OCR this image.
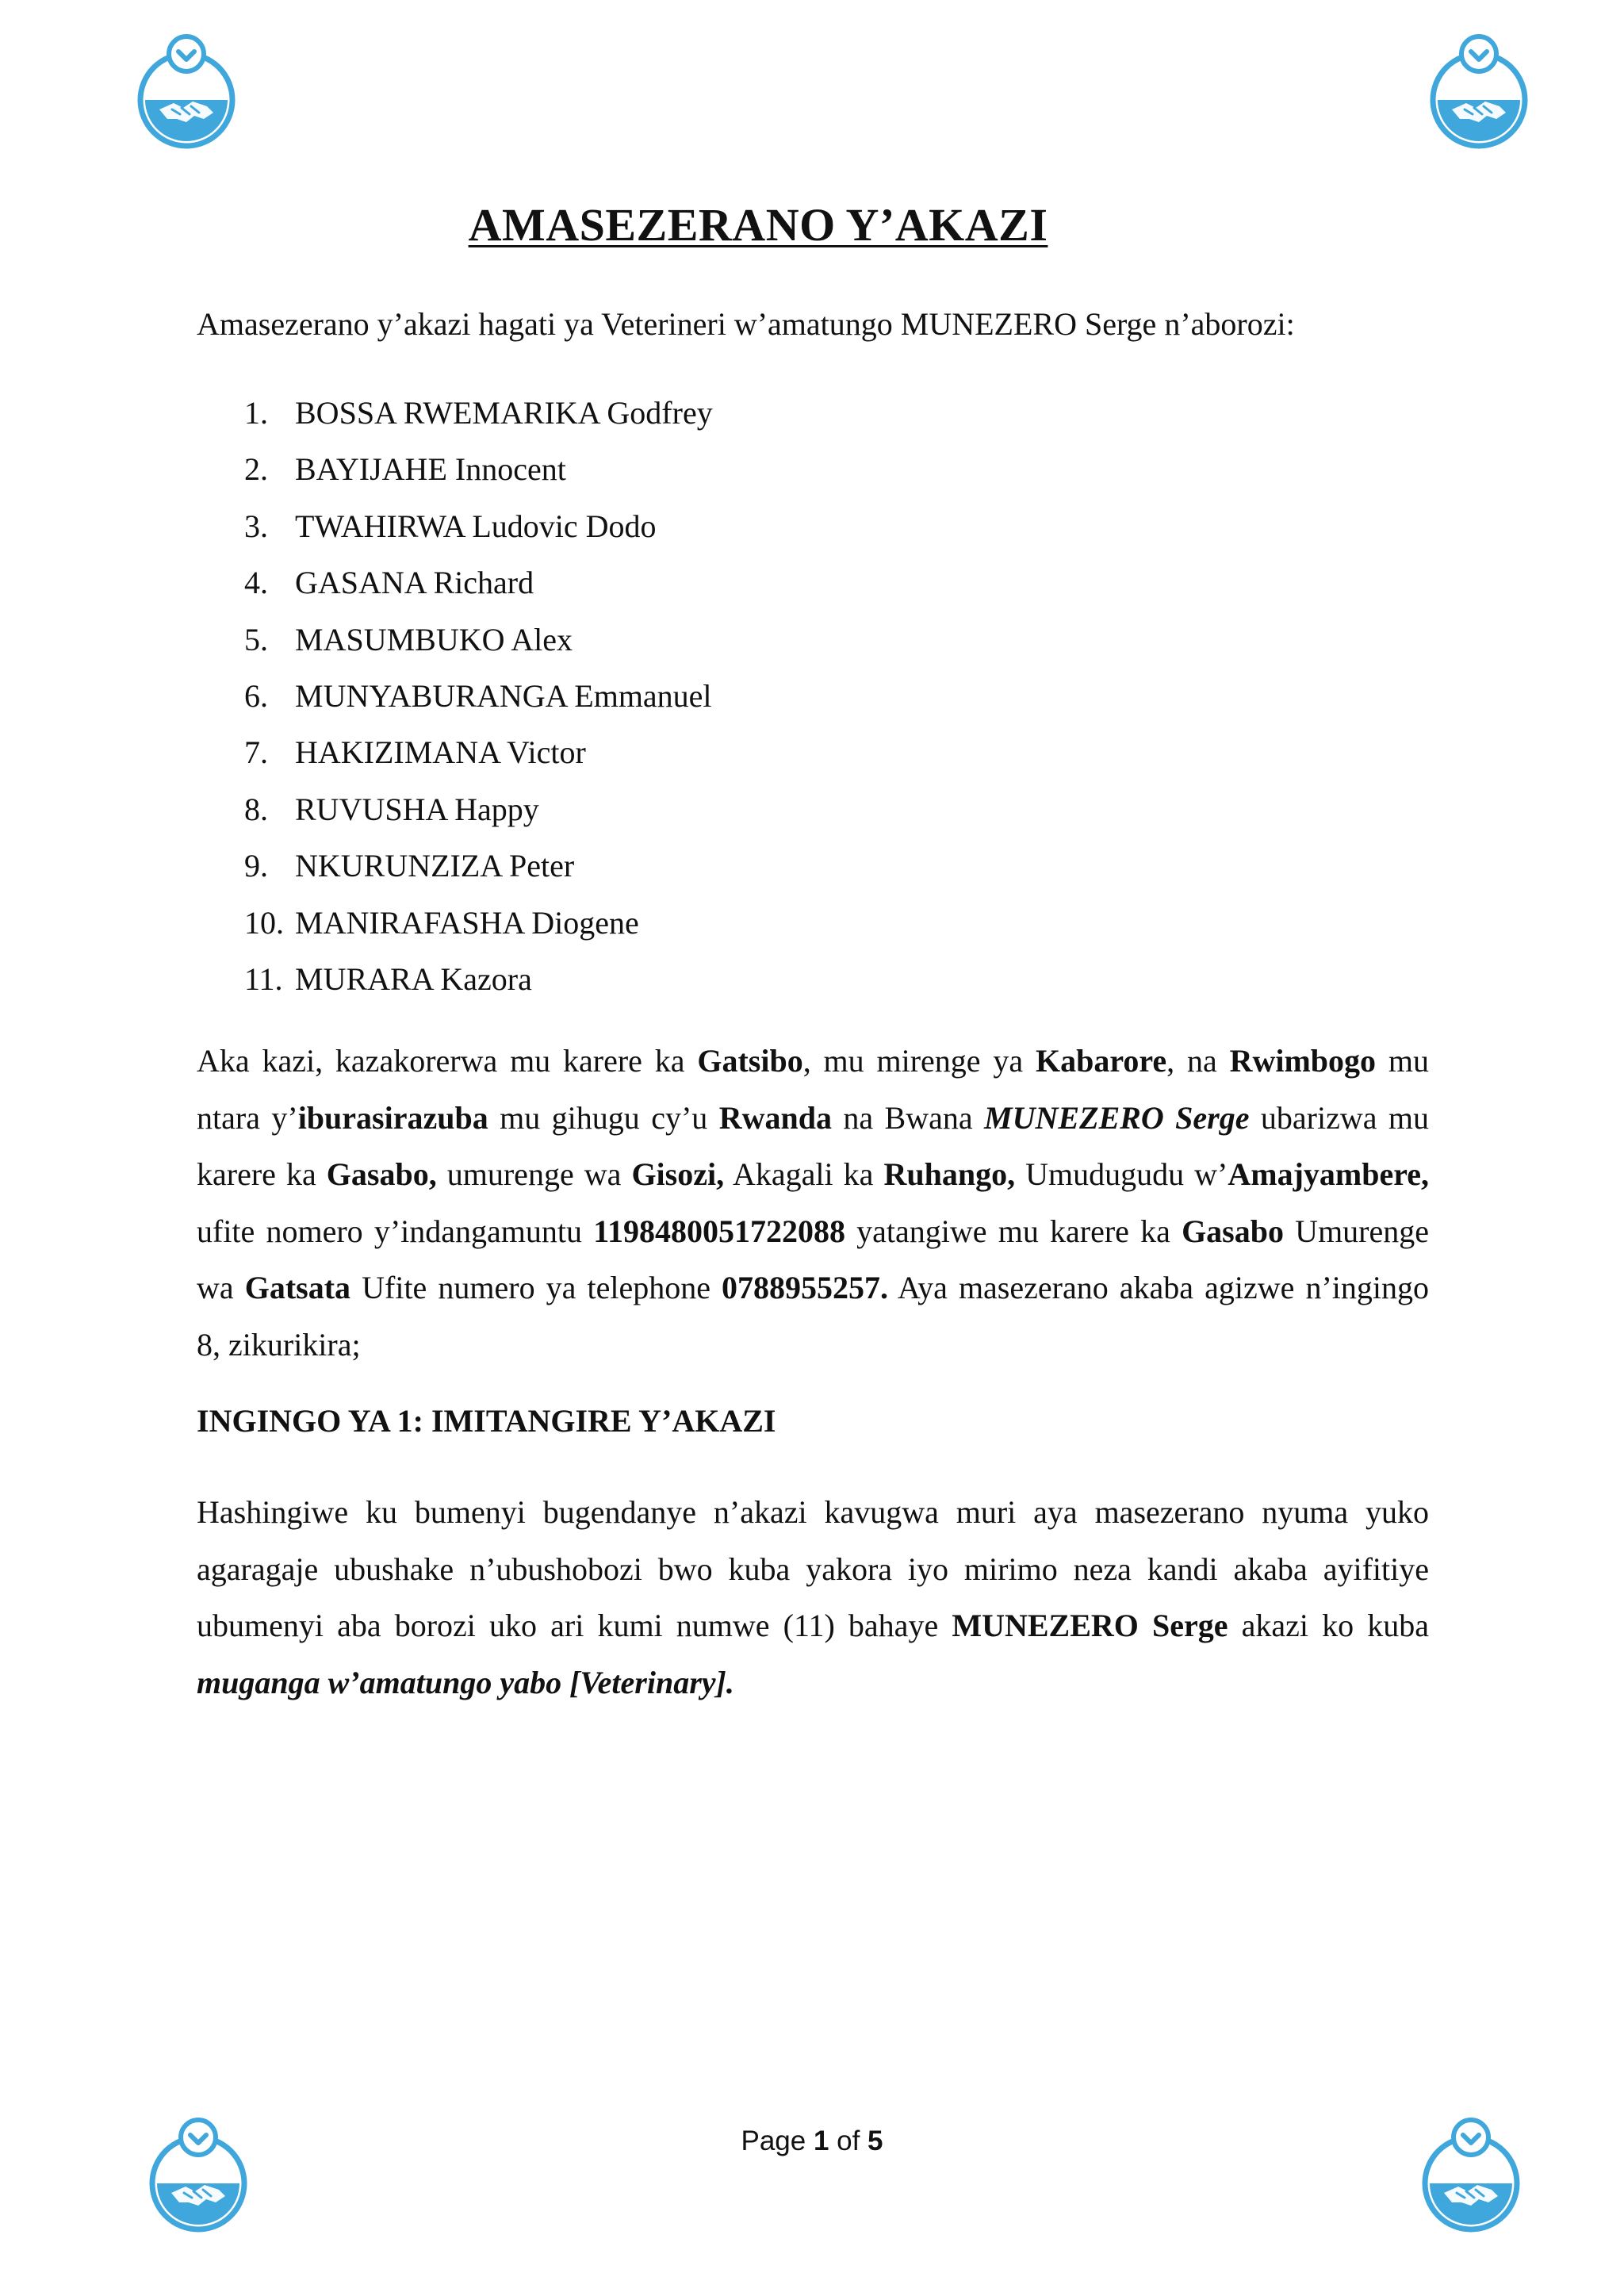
AMASEZERANO Y’AKAZI

Amasezerano y’akazi hagati ya Veterineri w’amatungo MUNEZERO Serge n’aborozi:

1. BOSSA RWEMARIKA Godfrey
2. BAYIJAHE Innocent
3. TWAHIRWA Ludovic Dodo
4. GASANA Richard
5. MASUMBUKO Alex
6. MUNYABURANGA Emmanuel
7. HAKIZIMANA Victor
8. RUVUSHA Happy
9. NKURUNZIZA Peter
10. MANIRAFASHA Diogene
11. MURARA Kazora
Aka kazi, kazakorerwa mu karere ka Gatsibo, mu mirenge ya Kabarore, na Rwimbogo mu
ntara y’iburasirazuba mu gihugu cy’u Rwanda na Bwana MUNEZERO Serge ubarizwa mu
karere ka Gasabo, umurenge wa Gisozi, Akagali ka Ruhango, Umudugudu w’Amajyambere,
ufite nomero y’indangamuntu 1198480051722088 yatangiwe mu karere ka Gasabo Umurenge
wa Gatsata Ufite numero ya telephone 0788955257. Aya masezerano akaba agizwe n’ingingo
8, zikurikira;
INGINGO YA 1: IMITANGIRE Y’AKAZI
Hashingiwe ku bumenyi bugendanye n’akazi kavugwa muri aya masezerano nyuma yuko
agaragaje ubushake n’ubushobozi bwo kuba yakora iyo mirimo neza kandi akaba ayifitiye
ubumenyi aba borozi uko ari kumi numwe (11) bahaye MUNEZERO Serge akazi ko kuba
muganga w’amatungo yabo [Veterinary].
Page 1 of 5
